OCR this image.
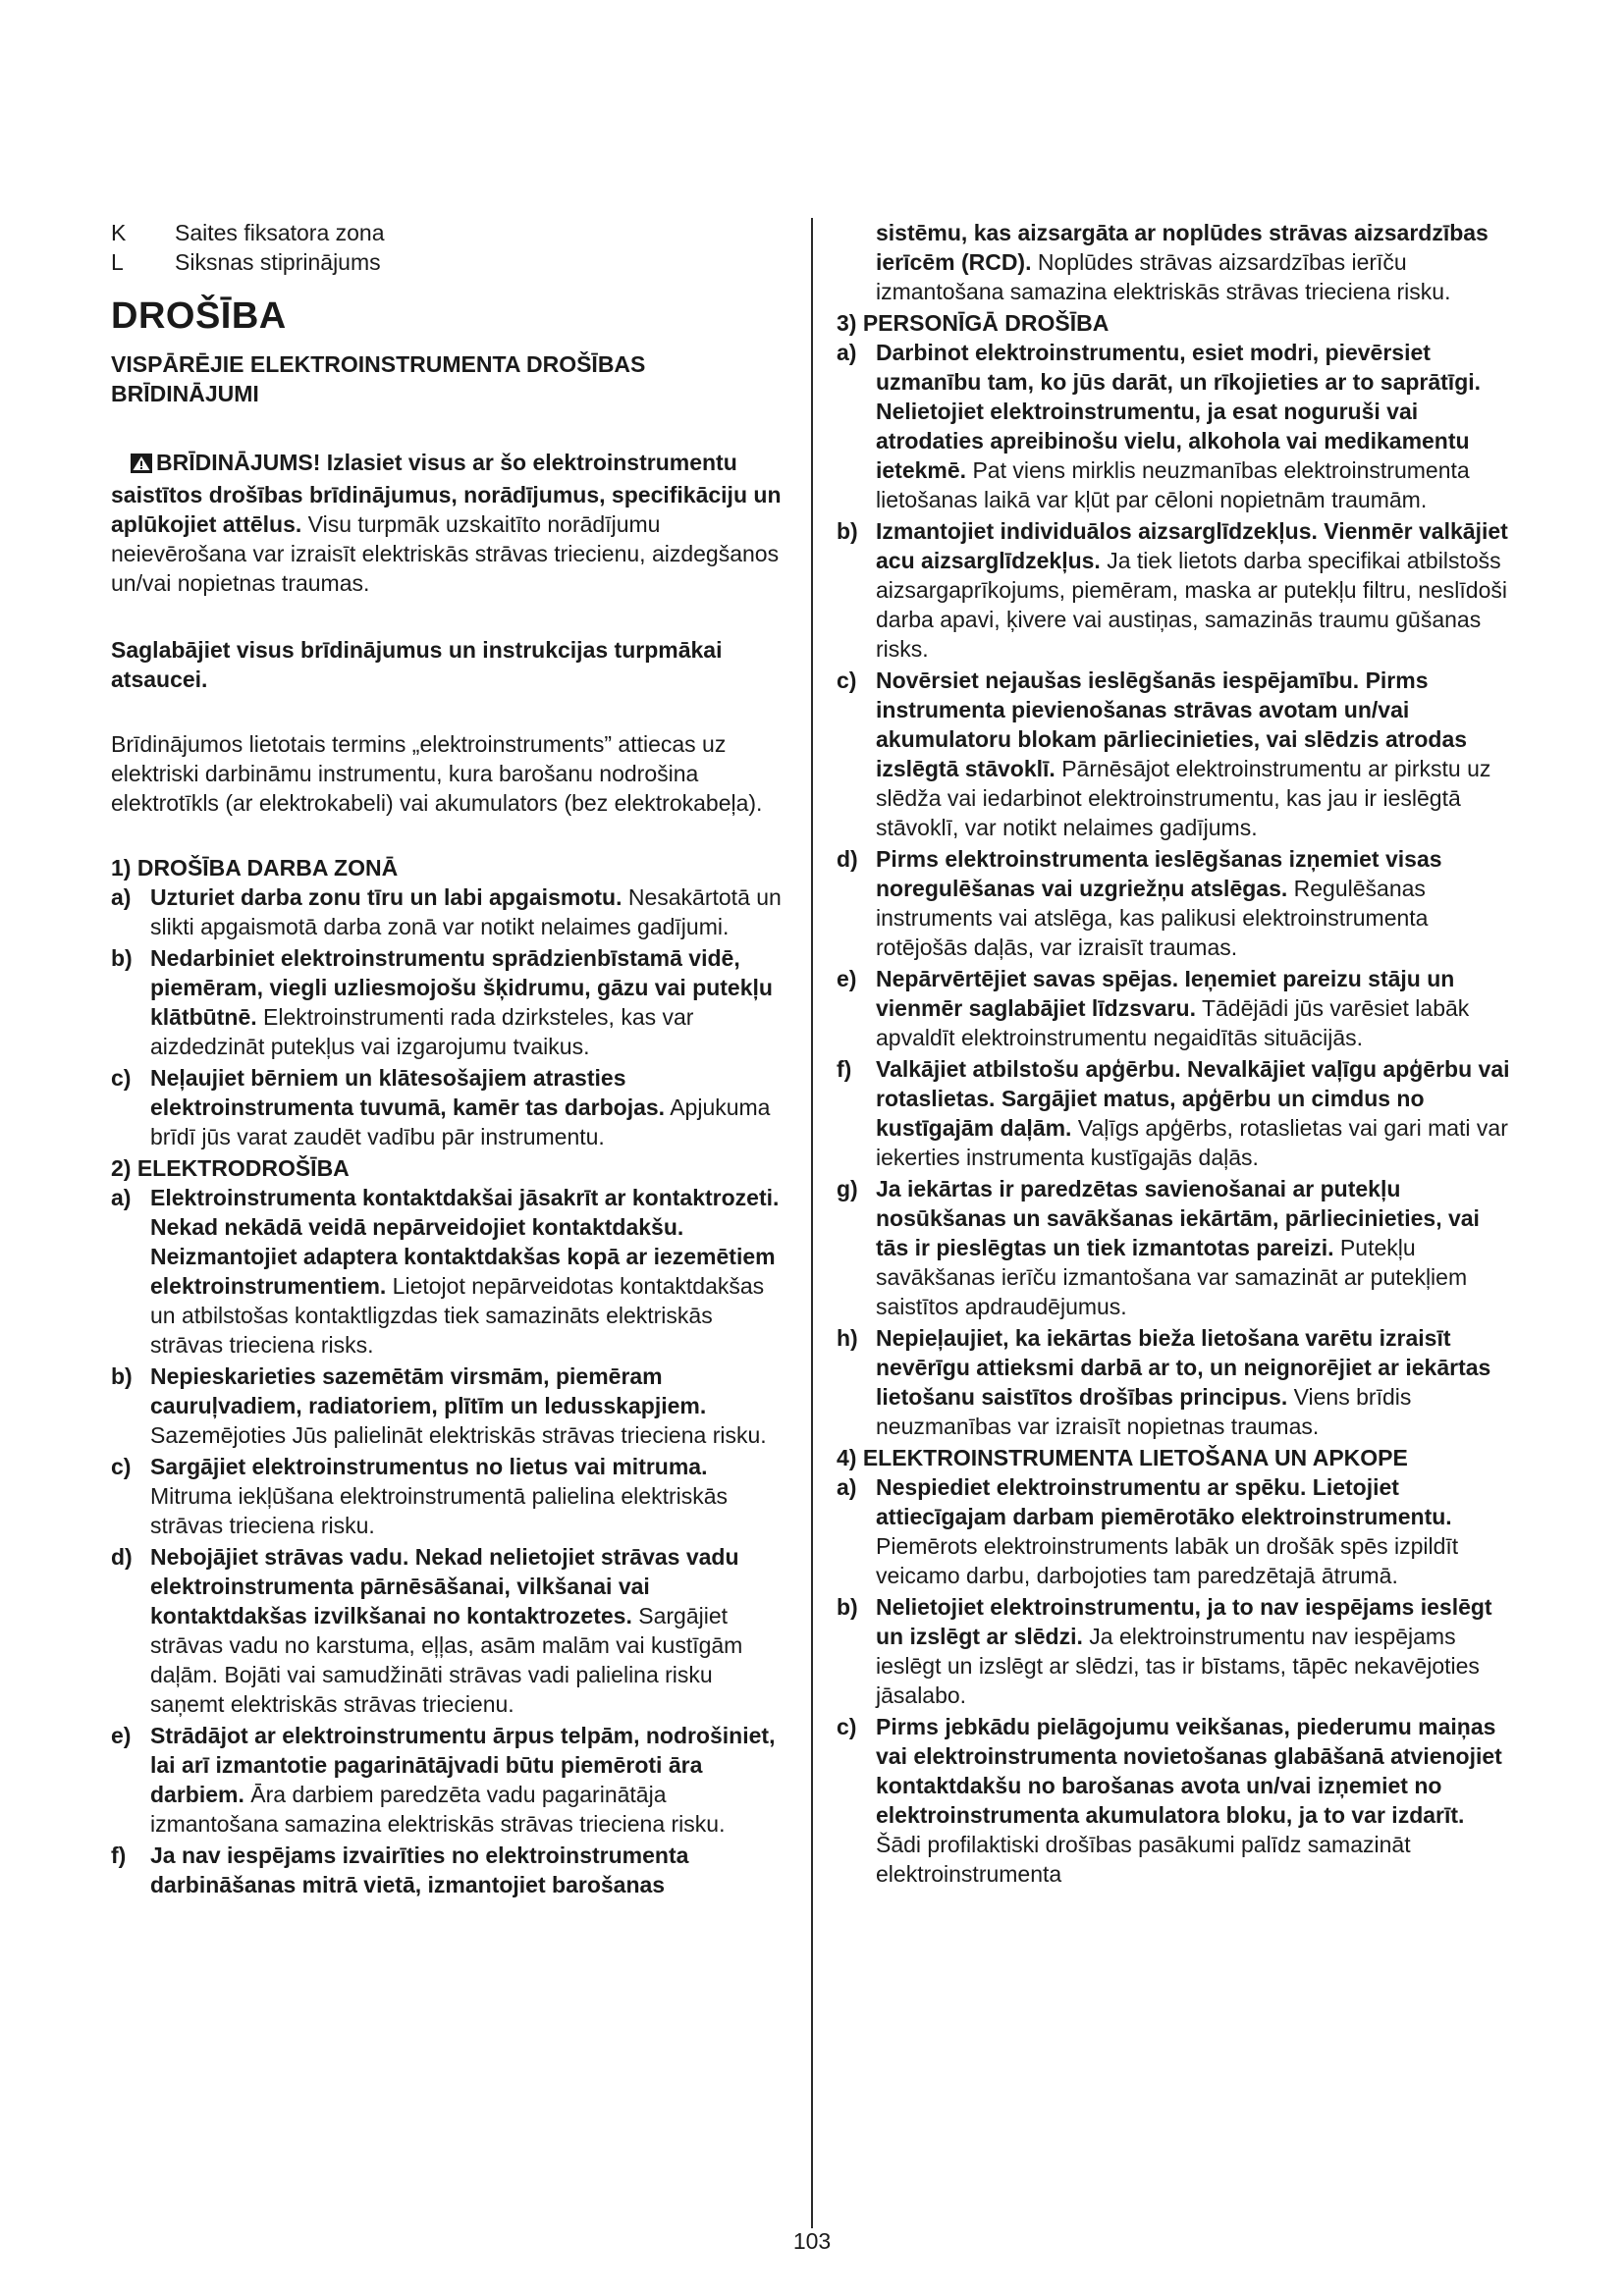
K	Saites fiksatora zona
L	Siksnas stiprinājums
DROŠĪBA
VISPĀRĒJIE ELEKTROINSTRUMENTA DROŠĪBAS BRĪDINĀJUMI
BRĪDINĀJUMS! Izlasiet visus ar šo elektroinstrumentu saistītos drošības brīdinājumus, norādījumus, specifikāciju un aplūkojiet attēlus. Visu turpmāk uzskaitīto norādījumu neievērošana var izraisīt elektriskās strāvas triecienu, aizdegšanos un/vai nopietnas traumas.
Saglabājiet visus brīdinājumus un instrukcijas turpmākai atsaucei.
Brīdinājumos lietotais termins „elektroinstruments” attiecas uz elektriski darbināmu instrumentu, kura barošanu nodrošina elektrotīkls (ar elektrokabeli) vai akumulators (bez elektrokabeļa).
1) DROŠĪBA DARBA ZONĀ
a) Uzturiet darba zonu tīru un labi apgaismotu. Nesakārtotā un slikti apgaismotā darba zonā var notikt nelaimes gadījumi.
b) Nedarbiniet elektroinstrumentu sprādzienbīstamā vidē, piemēram, viegli uzliesmojošu šķidrumu, gāzu vai putekļu klātbūtnē. Elektroinstrumenti rada dzirksteles, kas var aizdedzināt putekļus vai izgarojumu tvaikus.
c) Neļaujiet bērniem un klātesošajiem atrasties elektroinstrumenta tuvumā, kamēr tas darbojas. Apjukuma brīdī jūs varat zaudēt vadību pār instrumentu.
2) ELEKTRODROŠĪBA
a) Elektroinstrumenta kontaktdakšai jāsakrīt ar kontaktrozeti. Nekad nekādā veidā nepārveidojiet kontaktdakšu. Neizmantojiet adaptera kontaktdakšas kopā ar iezemētiem elektroinstrumentiem. Lietojot nepārveidotas kontaktdakšas un atbilstošas kontaktligzdas tiek samazināts elektriskās strāvas trieciena risks.
b) Nepieskarieties sazemētām virsmām, piemēram cauruļvadiem, radiatoriem, plītīm un ledusskapjiem. Sazemējoties Jūs palielināt elektriskās strāvas trieciena risku.
c) Sargājiet elektroinstrumentus no lietus vai mitruma. Mitruma iekļūšana elektroinstrumentā palielina elektriskās strāvas trieciena risku.
d) Nebojājiet strāvas vadu. Nekad nelietojiet strāvas vadu elektroinstrumenta pārnēsāšanai, vilkšanai vai kontaktdakšas izvilkšanai no kontaktrozetes. Sargājiet strāvas vadu no karstuma, eļļas, asām malām vai kustīgām daļām. Bojāti vai samudžināti strāvas vadi palielina risku saņemt elektriskās strāvas triecienu.
e) Strādājot ar elektroinstrumentu ārpus telpām, nodrošiniet, lai arī izmantotie pagarinātājvadi būtu piemēroti āra darbiem. Āra darbiem paredzēta vadu pagarinātāja izmantošana samazina elektriskās strāvas trieciena risku.
f)	Ja nav iespējams izvairīties no elektroinstrumenta darbināšanas mitrā vietā, izmantojiet barošanas
sistēmu, kas aizsargāta ar noplūdes strāvas aizsardzības ierīcēm (RCD). Noplūdes strāvas aizsardzības ierīču izmantošana samazina elektriskās strāvas trieciena risku.
3) PERSONĪGĀ DROŠĪBA
a) Darbinot elektroinstrumentu, esiet modri, pievērsiet uzmanību tam, ko jūs darāt, un rīkojieties ar to saprātīgi. Nelietojiet elektroinstrumentu, ja esat noguruši vai atrodaties apreibinošu vielu, alkohola vai medikamentu ietekmē. Pat viens mirklis neuzmanības elektroinstrumenta lietošanas laikā var kļūt par cēloni nopietnām traumām.
b) Izmantojiet individuālos aizsarglīdzekļus. Vienmēr valkājiet acu aizsarglīdzekļus. Ja tiek lietots darba specifikai atbilstošs aizsargaprīkojums, piemēram, maska ar putekļu filtru, neslīdoši darba apavi, ķivere vai austiņas, samazinās traumu gūšanas risks.
c) Novērsiet nejaušas ieslēgšanās iespējamību. Pirms instrumenta pievienošanas strāvas avotam un/vai akumulatoru blokam pārliecinieties, vai slēdzis atrodas izslēgtā stāvoklī. Pārnēsājot elektroinstrumentu ar pirkstu uz slēdža vai iedarbinot elektroinstrumentu, kas jau ir ieslēgtā stāvoklī, var notikt nelaimes gadījums.
d) Pirms elektroinstrumenta ieslēgšanas izņemiet visas noregulēšanas vai uzgriežņu atslēgas. Regulēšanas instruments vai atslēga, kas palikusi elektroinstrumenta rotējošās daļās, var izraisīt traumas.
e) Nepārvērtējiet savas spējas. Ieņemiet pareizu stāju un vienmēr saglabājiet līdzsvaru. Tādējādi jūs varēsiet labāk apvaldīt elektroinstrumentu negaidītās situācijās.
f)	Valkājiet atbilstošu apģērbu. Nevalkājiet vaļīgu apģērbu vai rotaslietas. Sargājiet matus, apģērbu un cimdus no kustīgajām daļām. Vaļīgs apģērbs, rotaslietas vai gari mati var iekerties instrumenta kustīgajās daļās.
g) Ja iekārtas ir paredzētas savienošanai ar putekļu nosūkšanas un savākšanas iekārtām, pārliecinieties, vai tās ir pieslēgtas un tiek izmantotas pareizi. Putekļu savākšanas ierīču izmantošana var samazināt ar putekļiem saistītos apdraudējumus.
h) Nepieļaujiet, ka iekārtas bieža lietošana varētu izraisīt nevērīgu attieksmi darbā ar to, un neignorējiet ar iekārtas lietošanu saistītos drošības principus. Viens brīdis neuzmanības var izraisīt nopietnas traumas.
4) ELEKTROINSTRUMENTA LIETOŠANA UN APKOPE
a) Nespiediet elektroinstrumentu ar spēku. Lietojiet attiecīgajam darbam piemērotāko elektroinstrumentu. Piemērots elektroinstruments labāk un drošāk spēs izpildīt veicamo darbu, darbojoties tam paredzētajā ātrumā.
b) Nelietojiet elektroinstrumentu, ja to nav iespējams ieslēgt un izslēgt ar slēdzi. Ja elektroinstrumentu nav iespējams ieslēgt un izslēgt ar slēdzi, tas ir bīstams, tāpēc nekavējoties jāsalabo.
c) Pirms jebkādu pielāgojumu veikšanas, piederumu maiņas vai elektroinstrumenta novietošanas glabāšanā atvienojiet kontaktdakšu no barošanas avota un/vai izņemiet no elektroinstrumenta akumulatora bloku, ja to var izdarīt. Šādi profilaktiski drošības pasākumi palīdz samazināt elektroinstrumenta
103
